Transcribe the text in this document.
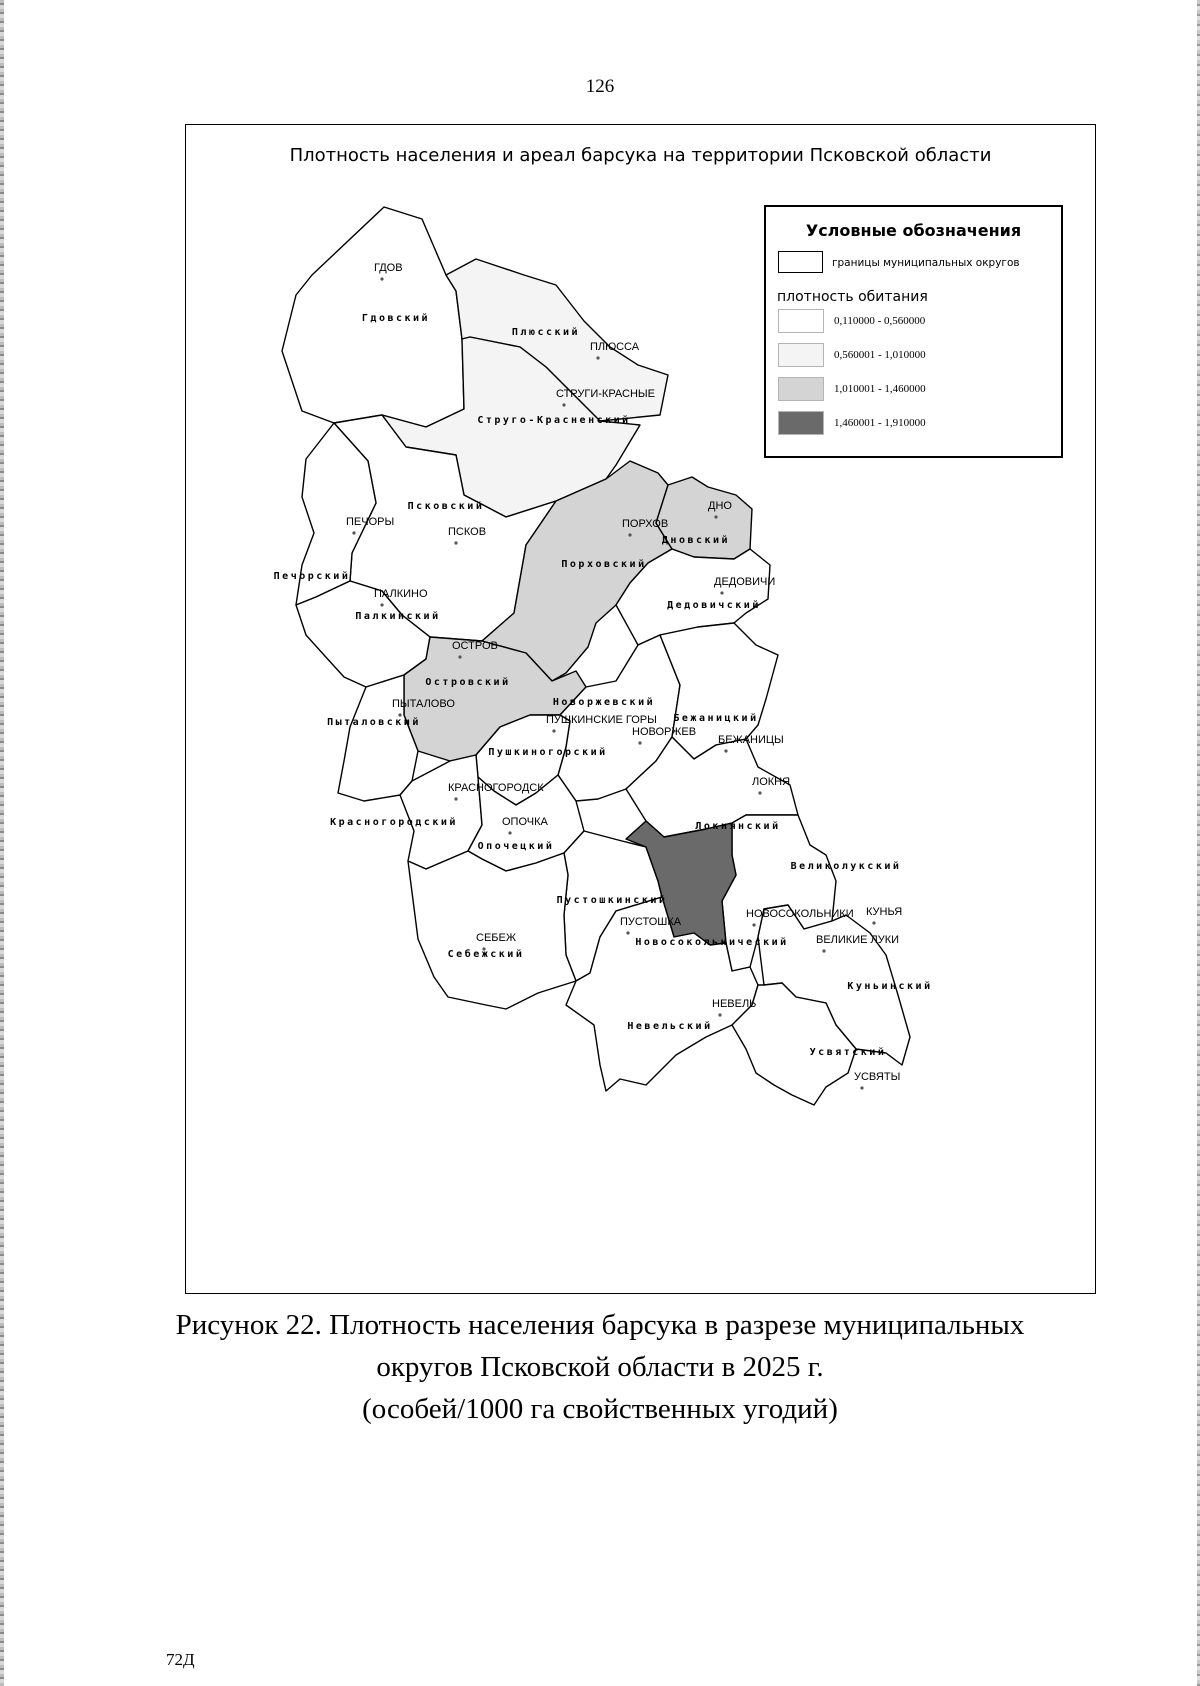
126
Плотность населения и ареал барсука на территории Псковской области
ГДОВ
Гдовский
ПЛЮССА
Плюсский
СТРУГИ-КРАСНЫЕ
Струго-Красненский
ПСКОВ
Псковский
ПЕЧОРЫ
Печорский
ПАЛКИНО
Палкинский
ПОРХОВ
Порховский
ДНО
Дновский
ДЕДОВИЧИ
Дедовичский
ОСТРОВ
Островский
ПЫТАЛОВО
Пыталовский
НОВОРЖЕВ
Новоржевский
ПУШКИНСКИЕ ГОРЫ
Пушкиногорский
БЕЖАНИЦЫ
Бежаницкий
КРАСНОГОРОДСК
Красногородский	ОПОЧКА
Опочецкий
ЛОКНЯ
Локнянский
ВЕЛИКИЕ ЛУКИ
Великолукский
ПУСТОШКА
Пустошкинский
НОВОСОКОЛЬНИКИ
Новосокольнический
СЕБЕЖ
Себежский
КУНЬЯ
Куньинский
НЕВЕЛЬ
Невельский
УСВЯТЫ
Усвятский
Условные обозначения
границы муниципальных округов
плотность обитания
0,110000 - 0,560000
0,560001 - 1,010000
1,010001 - 1,460000
1,460001 - 1,910000
Рисунок 22. Плотность населения барсука в разрезе муниципальных
округов Псковской области в 2025 г.
(особей/1000 га свойственных угодий)
72Д
